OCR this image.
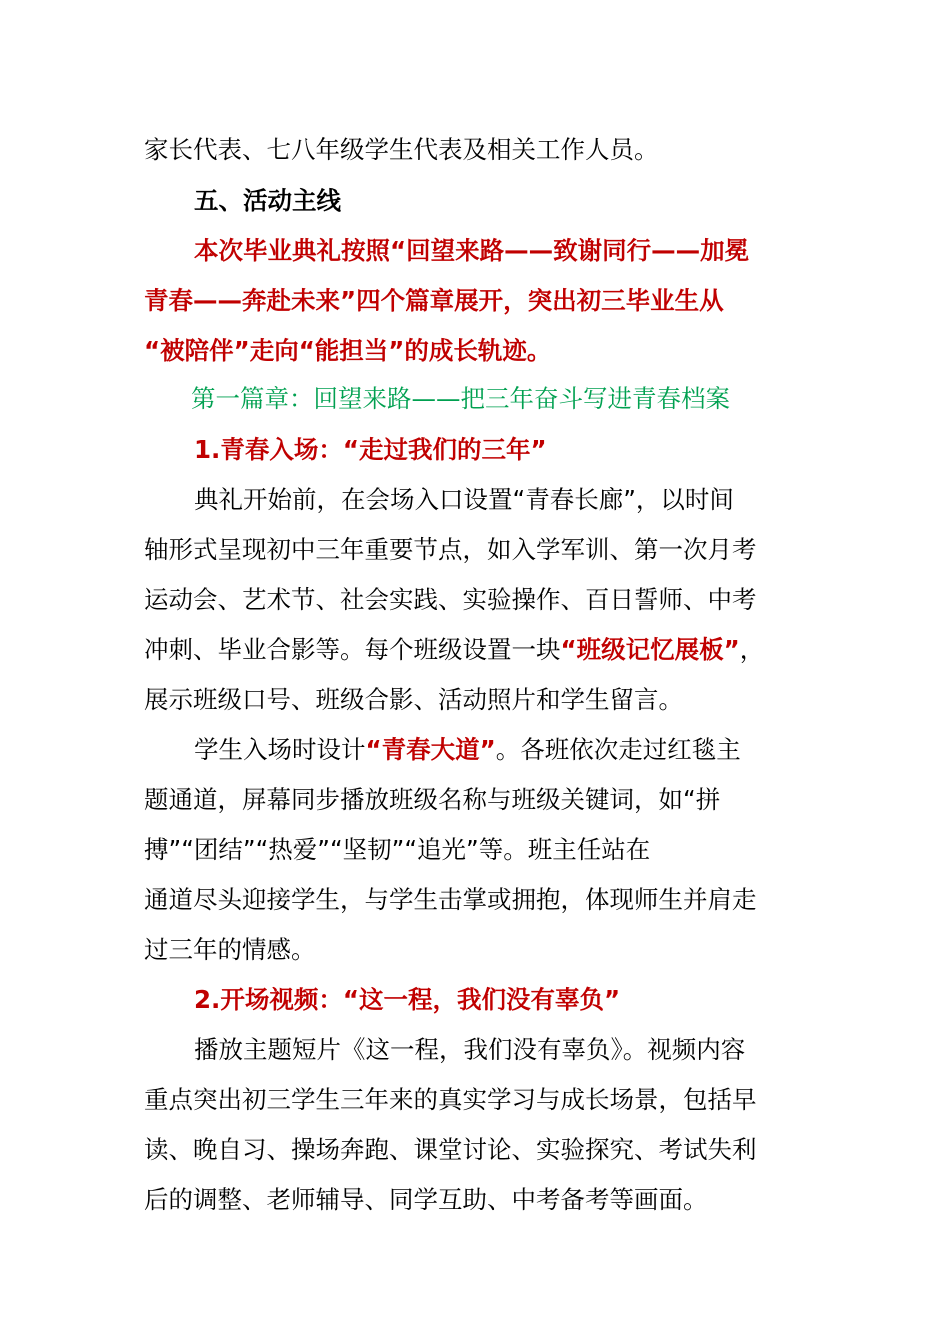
家长代表、七八年级学生代表及相关工作人员。
五、活动主线
本次毕业典礼按照“回望来路——致谢同行——加冕
青春——奔赴未来”四个篇章展开，突出初三毕业生从
“被陪伴”走向“能担当”的成长轨迹。
第一篇章：回望来路——把三年奋斗写进青春档案
1.青春入场：“走过我们的三年”
典礼开始前，在会场入口设置“青春长廊”，以时间
轴形式呈现初中三年重要节点，如入学军训、第一次月考
运动会、艺术节、社会实践、实验操作、百日誓师、中考
冲刺、毕业合影等。每个班级设置一块“班级记忆展板”，
展示班级口号、班级合影、活动照片和学生留言。
学生入场时设计“青春大道”。各班依次走过红毯主
题通道，屏幕同步播放班级名称与班级关键词，如“拼
搏”“团结”“热爱”“坚韧”“追光”等。班主任站在
通道尽头迎接学生，与学生击掌或拥抱，体现师生并肩走
过三年的情感。
2.开场视频：“这一程，我们没有辜负”
播放主题短片《这一程，我们没有辜负》。视频内容
重点突出初三学生三年来的真实学习与成长场景，包括早
读、晚自习、操场奔跑、课堂讨论、实验探究、考试失利
后的调整、老师辅导、同学互助、中考备考等画面。
